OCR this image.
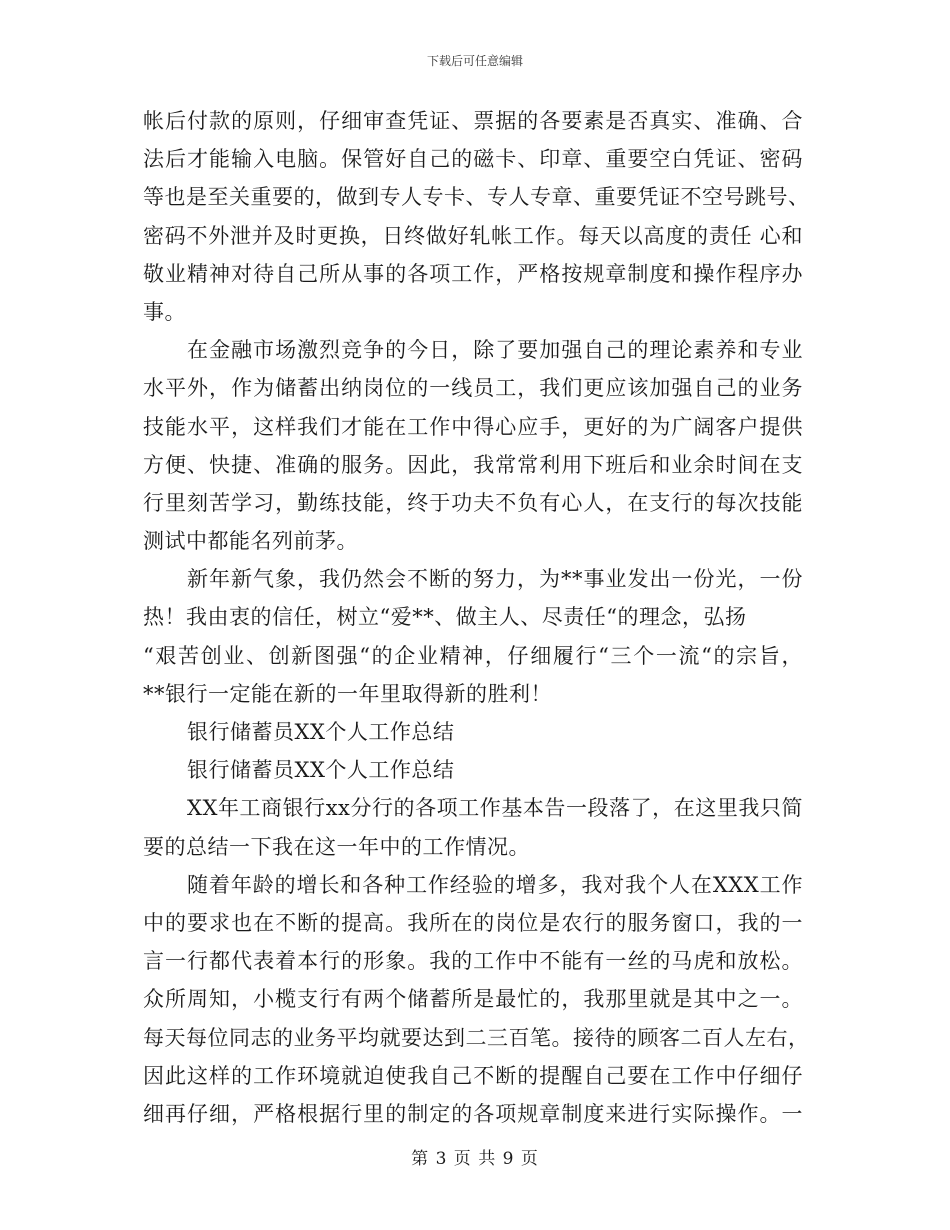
下载后可任意编辑
帐后付款的原则，仔细审查凭证、票据的各要素是否真实、准确、合
法后才能输入电脑。保管好自己的磁卡、印章、重要空白凭证、密码
等也是至关重要的，做到专人专卡、专人专章、重要凭证不空号跳号、
密码不外泄并及时更换，日终做好轧帐工作。每天以高度的责任 心和
敬业精神对待自己所从事的各项工作，严格按规章制度和操作程序办
事。
在金融市场激烈竞争的今日，除了要加强自己的理论素养和专业
水平外，作为储蓄出纳岗位的一线员工，我们更应该加强自己的业务
技能水平，这样我们才能在工作中得心应手，更好的为广阔客户提供
方便、快捷、准确的服务。因此，我常常利用下班后和业余时间在支
行里刻苦学习，勤练技能，终于功夫不负有心人，在支行的每次技能
测试中都能名列前茅。
新年新气象，我仍然会不断的努力，为**事业发出一份光，一份
热！我由衷的信任，树立“爱**、做主人、尽责任“的理念，弘扬
“艰苦创业、创新图强“的企业精神，仔细履行“三个一流“的宗旨，
**银行一定能在新的一年里取得新的胜利！
银行储蓄员XX个人工作总结
银行储蓄员XX个人工作总结
XX年工商银行xx分行的各项工作基本告一段落了，在这里我只简
要的总结一下我在这一年中的工作情况。
随着年龄的增长和各种工作经验的增多，我对我个人在XXX工作
中的要求也在不断的提高。我所在的岗位是农行的服务窗口，我的一
言一行都代表着本行的形象。我的工作中不能有一丝的马虎和放松。
众所周知，小榄支行有两个储蓄所是最忙的，我那里就是其中之一。
每天每位同志的业务平均就要达到二三百笔。接待的顾客二百人左右，
因此这样的工作环境就迫使我自己不断的提醒自己要在工作中仔细仔
细再仔细，严格根据行里的制定的各项规章制度来进行实际操作。一
第 3 页 共 9 页
